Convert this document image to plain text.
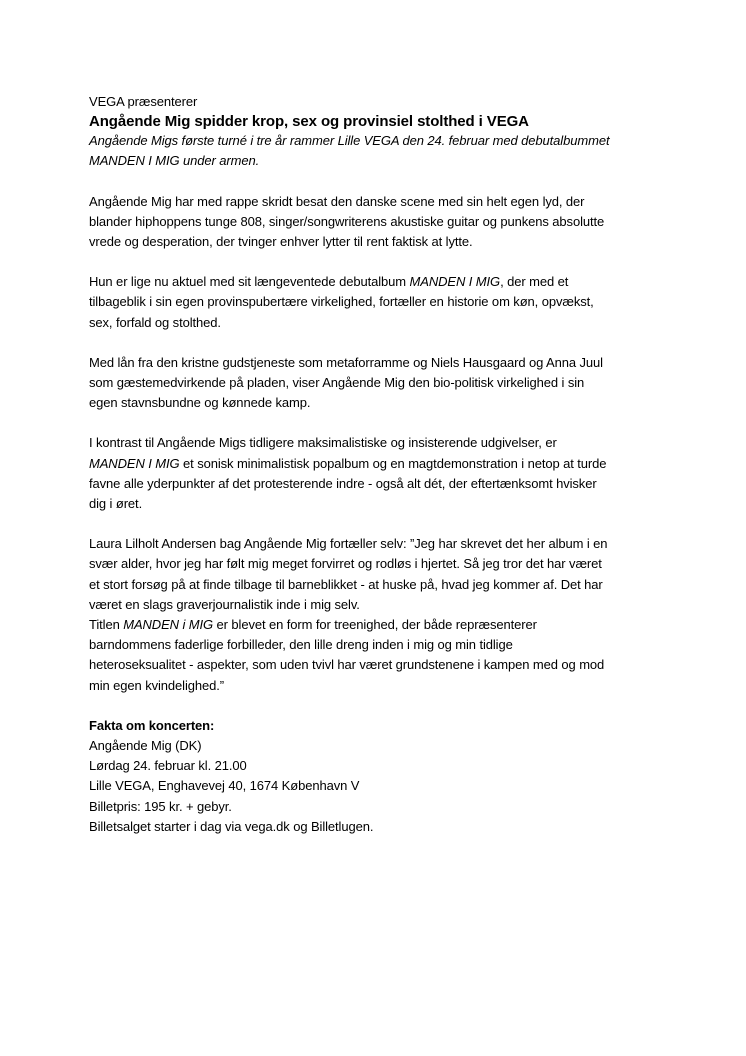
VEGA præsenterer
Angående Mig spidder krop, sex og provinsiel stolthed i VEGA
Angående Migs første turné i tre år rammer Lille VEGA den 24. februar med debutalbummet
MANDEN I MIG under armen.
Angående Mig har med rappe skridt besat den danske scene med sin helt egen lyd, der
blander hiphoppens tunge 808, singer/songwriterens akustiske guitar og punkens absolutte
vrede og desperation, der tvinger enhver lytter til rent faktisk at lytte.
Hun er lige nu aktuel med sit længeventede debutalbum MANDEN I MIG, der med et
tilbageblik i sin egen provinspubertære virkelighed, fortæller en historie om køn, opvækst,
sex, forfald og stolthed.
Med lån fra den kristne gudstjeneste som metaforramme og Niels Hausgaard og Anna Juul
som gæstemedvirkende på pladen, viser Angående Mig den bio-politisk virkelighed i sin
egen stavnsbundne og kønnede kamp.
I kontrast til Angående Migs tidligere maksimalistiske og insisterende udgivelser, er
MANDEN I MIG et sonisk minimalistisk popalbum og en magtdemonstration i netop at turde
favne alle yderpunkter af det protesterende indre - også alt dét, der eftertænksomt hvisker
dig i øret.
Laura Lilholt Andersen bag Angående Mig fortæller selv: ”Jeg har skrevet det her album i en
svær alder, hvor jeg har følt mig meget forvirret og rodløs i hjertet. Så jeg tror det har været
et stort forsøg på at finde tilbage til barneblikket - at huske på, hvad jeg kommer af. Det har
været en slags graverjournalistik inde i mig selv.
Titlen MANDEN i MIG er blevet en form for treenighed, der både repræsenterer
barndommens faderlige forbilleder, den lille dreng inden i mig og min tidlige
heteroseksualitet - aspekter, som uden tvivl har været grundstenene i kampen med og mod
min egen kvindelighed.”
Fakta om koncerten:
Angående Mig (DK)
Lørdag 24. februar kl. 21.00
Lille VEGA, Enghavevej 40, 1674 København V
Billetpris: 195 kr. + gebyr.
Billetsalget starter i dag via vega.dk og Billetlugen.
